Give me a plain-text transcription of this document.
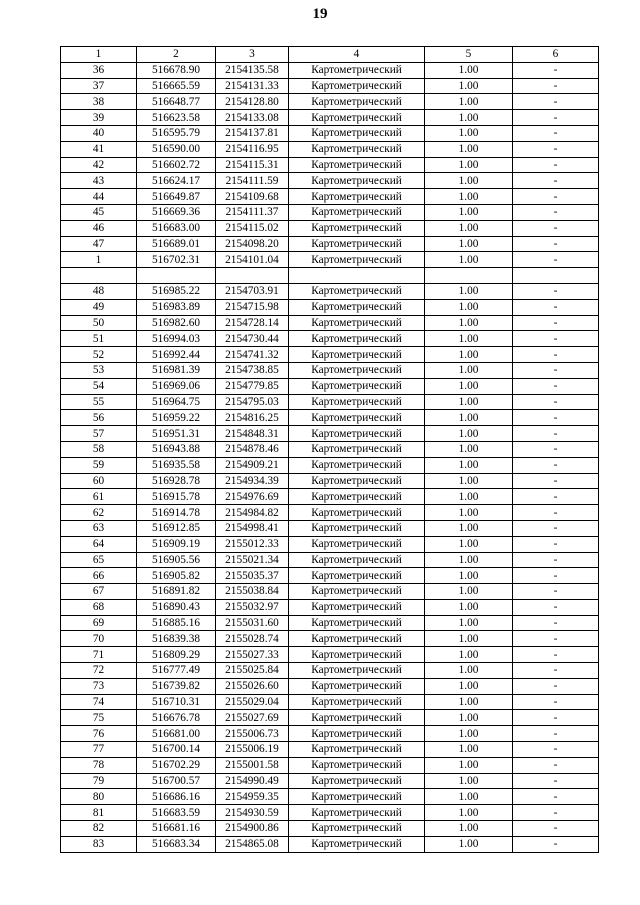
19
1	2	3	4	5	6
36	516678.90	2154135.58	Картометрический	1.00	-
37	516665.59	2154131.33	Картометрический	1.00	-
38	516648.77	2154128.80	Картометрический	1.00	-
39	516623.58	2154133.08	Картометрический	1.00	-
40	516595.79	2154137.81	Картометрический	1.00	-
41	516590.00	2154116.95	Картометрический	1.00	-
42	516602.72	2154115.31	Картометрический	1.00	-
43	516624.17	2154111.59	Картометрический	1.00	-
44	516649.87	2154109.68	Картометрический	1.00	-
45	516669.36	2154111.37	Картометрический	1.00	-
46	516683.00	2154115.02	Картометрический	1.00	-
47	516689.01	2154098.20	Картометрический	1.00	-
1	516702.31	2154101.04	Картометрический	1.00	-

48	516985.22	2154703.91	Картометрический	1.00	-
49	516983.89	2154715.98	Картометрический	1.00	-
50	516982.60	2154728.14	Картометрический	1.00	-
51	516994.03	2154730.44	Картометрический	1.00	-
52	516992.44	2154741.32	Картометрический	1.00	-
53	516981.39	2154738.85	Картометрический	1.00	-
54	516969.06	2154779.85	Картометрический	1.00	-
55	516964.75	2154795.03	Картометрический	1.00	-
56	516959.22	2154816.25	Картометрический	1.00	-
57	516951.31	2154848.31	Картометрический	1.00	-
58	516943.88	2154878.46	Картометрический	1.00	-
59	516935.58	2154909.21	Картометрический	1.00	-
60	516928.78	2154934.39	Картометрический	1.00	-
61	516915.78	2154976.69	Картометрический	1.00	-
62	516914.78	2154984.82	Картометрический	1.00	-
63	516912.85	2154998.41	Картометрический	1.00	-
64	516909.19	2155012.33	Картометрический	1.00	-
65	516905.56	2155021.34	Картометрический	1.00	-
66	516905.82	2155035.37	Картометрический	1.00	-
67	516891.82	2155038.84	Картометрический	1.00	-
68	516890.43	2155032.97	Картометрический	1.00	-
69	516885.16	2155031.60	Картометрический	1.00	-
70	516839.38	2155028.74	Картометрический	1.00	-
71	516809.29	2155027.33	Картометрический	1.00	-
72	516777.49	2155025.84	Картометрический	1.00	-
73	516739.82	2155026.60	Картометрический	1.00	-
74	516710.31	2155029.04	Картометрический	1.00	-
75	516676.78	2155027.69	Картометрический	1.00	-
76	516681.00	2155006.73	Картометрический	1.00	-
77	516700.14	2155006.19	Картометрический	1.00	-
78	516702.29	2155001.58	Картометрический	1.00	-
79	516700.57	2154990.49	Картометрический	1.00	-
80	516686.16	2154959.35	Картометрический	1.00	-
81	516683.59	2154930.59	Картометрический	1.00	-
82	516681.16	2154900.86	Картометрический	1.00	-
83	516683.34	2154865.08	Картометрический	1.00	-
